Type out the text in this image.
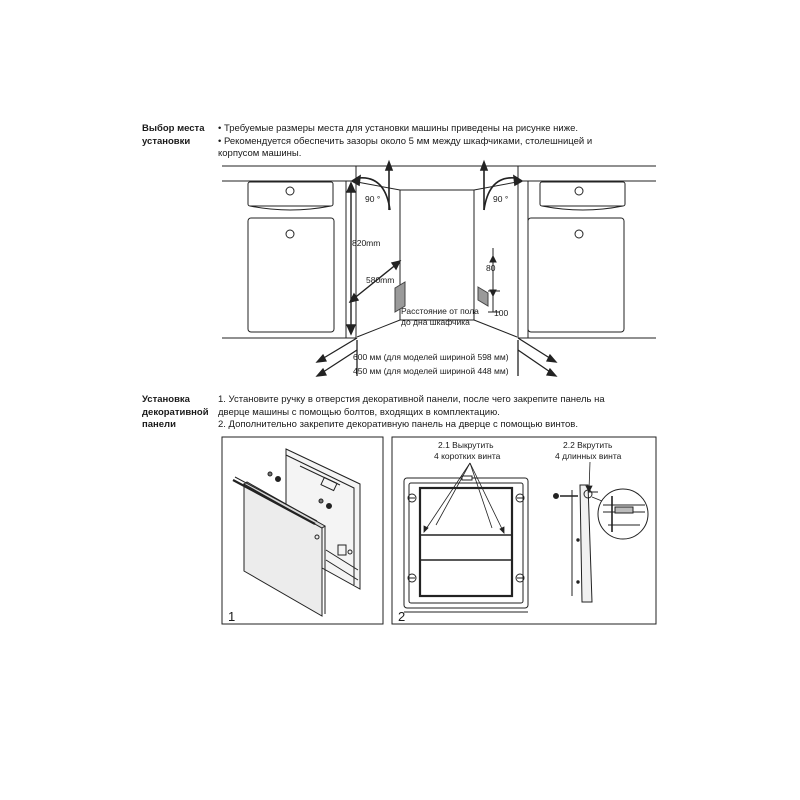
Выбор места
установки

• Требуемые размеры места для установки машины приведены на рисунке ниже.

• Рекомендуется обеспечить зазоры около 5 мм между шкафчиками, столешницей и

корпусом машины.

90 °	90 °
820mm
580mm
80
100
Расстояние от пола
до дна шкафчика
600 мм (для моделей шириной 598 мм)
450 мм (для моделей шириной 448 мм)
Установка
декоративной
панели

1. Установите ручку в отверстия декоративной панели, после чего закрепите панель на

дверце машины с помощью болтов, входящих в комплектацию.

2. Дополнительно закрепите декоративную панель на дверце с помощью винтов.

1
2.1 Выкрутить
4 коротких винта
2.2 Вкрутить
4 длинных винта
2
